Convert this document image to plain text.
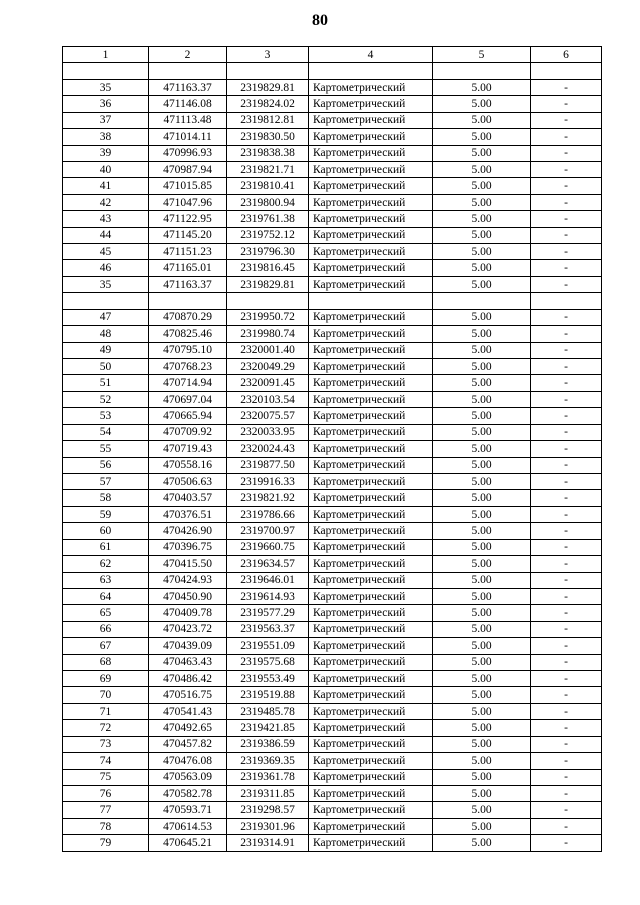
80
1	2	3	4	5	6

35	471163.37	2319829.81	Картометрический	5.00	-
36	471146.08	2319824.02	Картометрический	5.00	-
37	471113.48	2319812.81	Картометрический	5.00	-
38	471014.11	2319830.50	Картометрический	5.00	-
39	470996.93	2319838.38	Картометрический	5.00	-
40	470987.94	2319821.71	Картометрический	5.00	-
41	471015.85	2319810.41	Картометрический	5.00	-
42	471047.96	2319800.94	Картометрический	5.00	-
43	471122.95	2319761.38	Картометрический	5.00	-
44	471145.20	2319752.12	Картометрический	5.00	-
45	471151.23	2319796.30	Картометрический	5.00	-
46	471165.01	2319816.45	Картометрический	5.00	-
35	471163.37	2319829.81	Картометрический	5.00	-

47	470870.29	2319950.72	Картометрический	5.00	-
48	470825.46	2319980.74	Картометрический	5.00	-
49	470795.10	2320001.40	Картометрический	5.00	-
50	470768.23	2320049.29	Картометрический	5.00	-
51	470714.94	2320091.45	Картометрический	5.00	-
52	470697.04	2320103.54	Картометрический	5.00	-
53	470665.94	2320075.57	Картометрический	5.00	-
54	470709.92	2320033.95	Картометрический	5.00	-
55	470719.43	2320024.43	Картометрический	5.00	-
56	470558.16	2319877.50	Картометрический	5.00	-
57	470506.63	2319916.33	Картометрический	5.00	-
58	470403.57	2319821.92	Картометрический	5.00	-
59	470376.51	2319786.66	Картометрический	5.00	-
60	470426.90	2319700.97	Картометрический	5.00	-
61	470396.75	2319660.75	Картометрический	5.00	-
62	470415.50	2319634.57	Картометрический	5.00	-
63	470424.93	2319646.01	Картометрический	5.00	-
64	470450.90	2319614.93	Картометрический	5.00	-
65	470409.78	2319577.29	Картометрический	5.00	-
66	470423.72	2319563.37	Картометрический	5.00	-
67	470439.09	2319551.09	Картометрический	5.00	-
68	470463.43	2319575.68	Картометрический	5.00	-
69	470486.42	2319553.49	Картометрический	5.00	-
70	470516.75	2319519.88	Картометрический	5.00	-
71	470541.43	2319485.78	Картометрический	5.00	-
72	470492.65	2319421.85	Картометрический	5.00	-
73	470457.82	2319386.59	Картометрический	5.00	-
74	470476.08	2319369.35	Картометрический	5.00	-
75	470563.09	2319361.78	Картометрический	5.00	-
76	470582.78	2319311.85	Картометрический	5.00	-
77	470593.71	2319298.57	Картометрический	5.00	-
78	470614.53	2319301.96	Картометрический	5.00	-
79	470645.21	2319314.91	Картометрический	5.00	-
